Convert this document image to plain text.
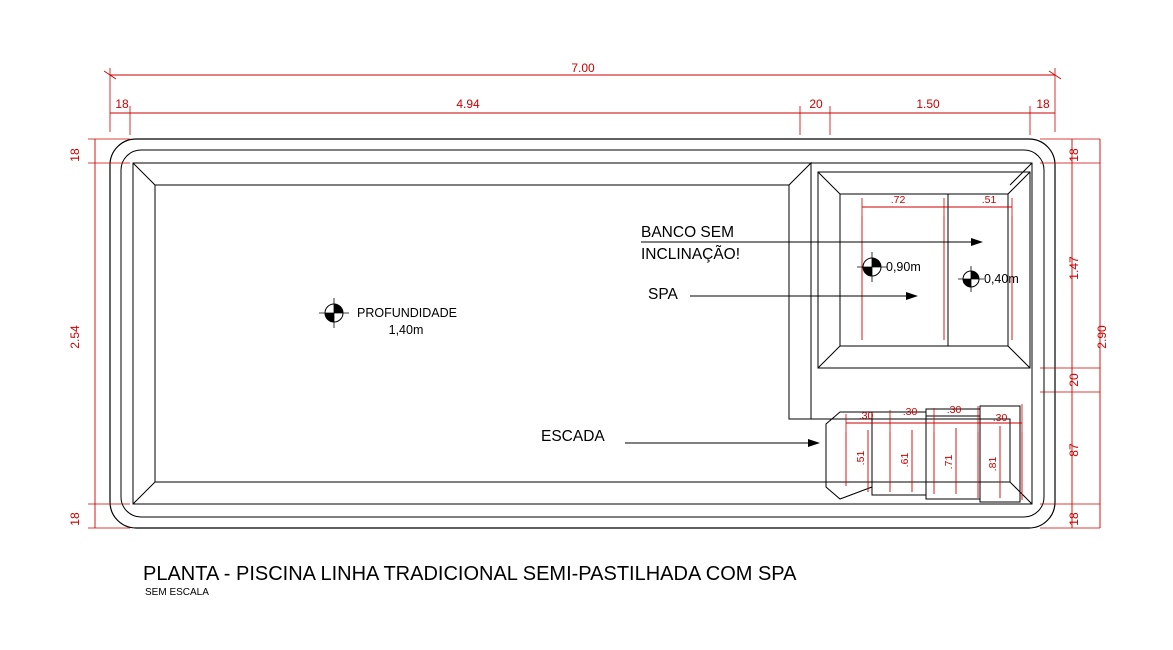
7.00
18	4.94	20	1.50	18
18
2.54
18
18
1.47
20
87
18
2.90
.72	.51
.30	.30	.30
.30
.51	.61	.71	.81
PROFUNDIDADE
1,40m
0,90m
0,40m
BANCO SEM
INCLINAÇÃO!
SPA
ESCADA
PLANTA - PISCINA LINHA TRADICIONAL SEMI-PASTILHADA COM SPA
SEM ESCALA
